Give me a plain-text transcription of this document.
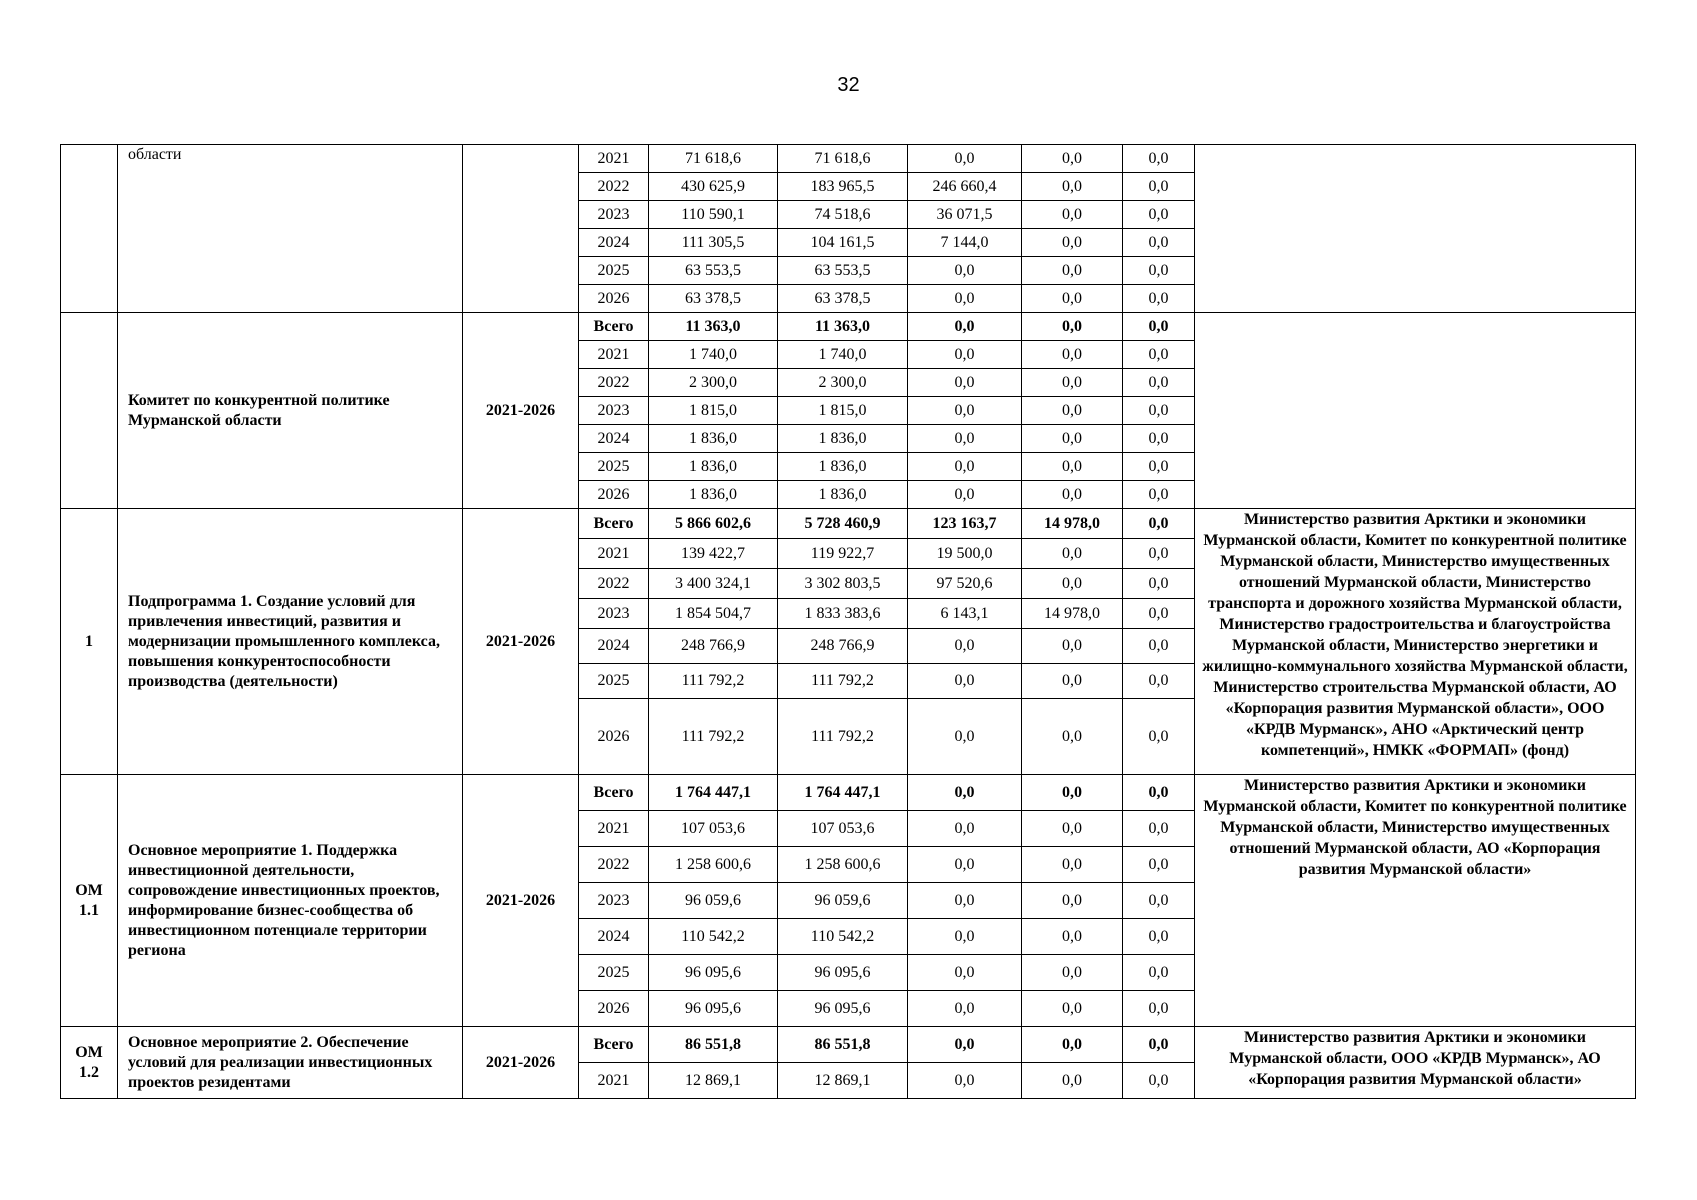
32
	области		2021	71 618,6	71 618,6	0,0	0,0	0,0	
			2022	430 625,9	183 965,5	246 660,4	0,0	0,0	
			2023	110 590,1	74 518,6	36 071,5	0,0	0,0	
			2024	111 305,5	104 161,5	7 144,0	0,0	0,0	
			2025	63 553,5	63 553,5	0,0	0,0	0,0	
			2026	63 378,5	63 378,5	0,0	0,0	0,0	
	Комитет по конкурентной политике Мурманской области	2021-2026	Всего	11 363,0	11 363,0	0,0	0,0	0,0	
			2021	1 740,0	1 740,0	0,0	0,0	0,0	
			2022	2 300,0	2 300,0	0,0	0,0	0,0	
			2023	1 815,0	1 815,0	0,0	0,0	0,0	
			2024	1 836,0	1 836,0	0,0	0,0	0,0	
			2025	1 836,0	1 836,0	0,0	0,0	0,0	
			2026	1 836,0	1 836,0	0,0	0,0	0,0	
1	Подпрограмма 1. Создание условий для привлечения инвестиций, развития и модернизации промышленного комплекса, повышения конкурентоспособности производства (деятельности)	2021-2026	Всего	5 866 602,6	5 728 460,9	123 163,7	14 978,0	0,0	Министерство развития Арктики и экономики Мурманской области, Комитет по конкурентной политике Мурманской области, Министерство имущественных отношений Мурманской области, Министерство транспорта и дорожного хозяйства Мурманской области, Министерство градостроительства и благоустройства Мурманской области, Министерство энергетики и жилищно-коммунального хозяйства Мурманской области, Министерство строительства Мурманской области, АО «Корпорация развития Мурманской области», ООО «КРДВ Мурманск», АНО «Арктический центр компетенций», НМКК «ФОРМАП» (фонд)
			2021	139 422,7	119 922,7	19 500,0	0,0	0,0	
			2022	3 400 324,1	3 302 803,5	97 520,6	0,0	0,0	
			2023	1 854 504,7	1 833 383,6	6 143,1	14 978,0	0,0	
			2024	248 766,9	248 766,9	0,0	0,0	0,0	
			2025	111 792,2	111 792,2	0,0	0,0	0,0	
			2026	111 792,2	111 792,2	0,0	0,0	0,0	
ОМ 1.1	Основное мероприятие 1. Поддержка инвестиционной деятельности, сопровождение инвестиционных проектов, информирование бизнес-сообщества об инвестиционном потенциале территории региона	2021-2026	Всего	1 764 447,1	1 764 447,1	0,0	0,0	0,0	Министерство развития Арктики и экономики Мурманской области, Комитет по конкурентной политике Мурманской области, Министерство имущественных отношений Мурманской области, АО «Корпорация развития Мурманской области»
			2021	107 053,6	107 053,6	0,0	0,0	0,0	
			2022	1 258 600,6	1 258 600,6	0,0	0,0	0,0	
			2023	96 059,6	96 059,6	0,0	0,0	0,0	
			2024	110 542,2	110 542,2	0,0	0,0	0,0	
			2025	96 095,6	96 095,6	0,0	0,0	0,0	
			2026	96 095,6	96 095,6	0,0	0,0	0,0	
ОМ 1.2	Основное мероприятие 2. Обеспечение условий для реализации инвестиционных проектов резидентами	2021-2026	Всего	86 551,8	86 551,8	0,0	0,0	0,0	Министерство развития Арктики и экономики Мурманской области, ООО «КРДВ Мурманск», АО «Корпорация развития Мурманской области»
			2021	12 869,1	12 869,1	0,0	0,0	0,0	
